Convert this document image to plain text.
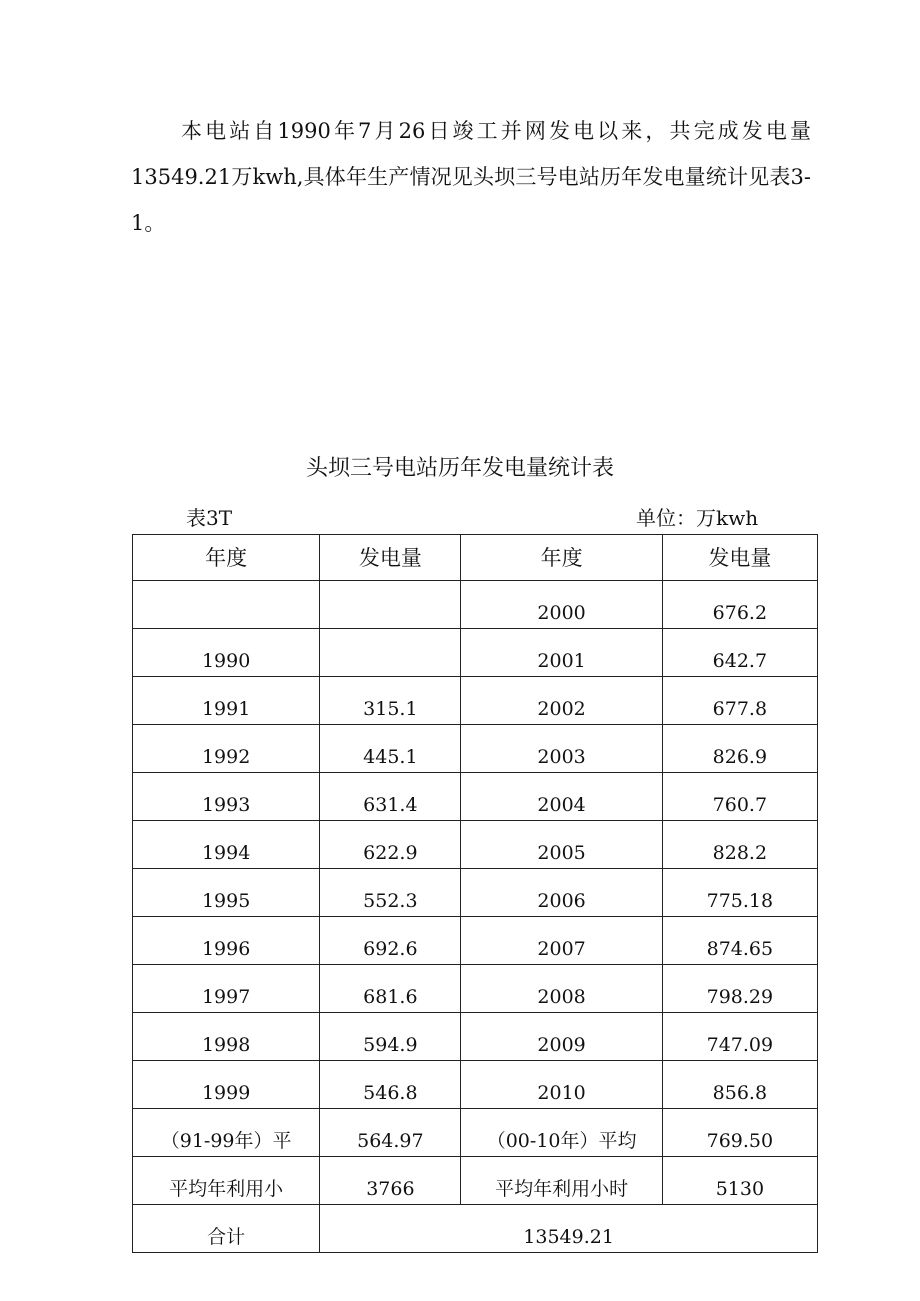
本电站自1990年7月26日竣工并网发电以来，共完成发电量13549.21万kwh,具体年生产情况见头坝三号电站历年发电量统计见表3-1。

头坝三号电站历年发电量统计表
表3T	单位：万kwh
年度	发电量	年度	发电量
		2000	676.2
1990		2001	642.7
1991	315.1	2002	677.8
1992	445.1	2003	826.9
1993	631.4	2004	760.7
1994	622.9	2005	828.2
1995	552.3	2006	775.18
1996	692.6	2007	874.65
1997	681.6	2008	798.29
1998	594.9	2009	747.09
1999	546.8	2010	856.8
（91-99年）平	564.97	（00-10年）平均	769.50
平均年利用小	3766	平均年利用小时	5130
合计	13549.21		
